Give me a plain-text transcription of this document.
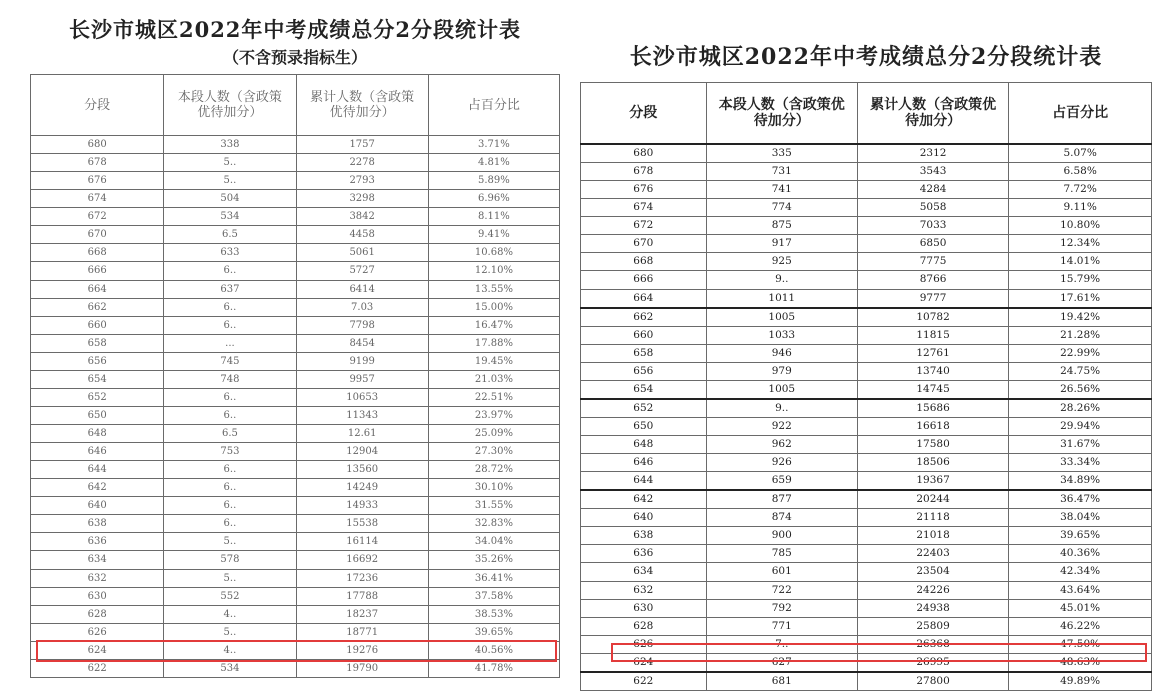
长沙市城区2022年中考成绩总分2分段统计表
（不含预录指标生）
分段	本段人数（含政策优待加分）	累计人数（含政策优待加分）	占百分比
680	338	1757	3.71%
678	5..	2278	4.81%
676	5..	2793	5.89%
674	504	3298	6.96%
672	534	3842	8.11%
670	6.5	4458	9.41%
668	633	5061	10.68%
666	6..	5727	12.10%
664	637	6414	13.55%
662	6..	7.03	15.00%
660	6..	7798	16.47%
658	...	8454	17.88%
656	745	9199	19.45%
654	748	9957	21.03%
652	6..	10653	22.51%
650	6..	11343	23.97%
648	6.5	12.61	25.09%
646	753	12904	27.30%
644	6..	13560	28.72%
642	6..	14249	30.10%
640	6..	14933	31.55%
638	6..	15538	32.83%
636	5..	16114	34.04%
634	578	16692	35.26%
632	5..	17236	36.41%
630	552	17788	37.58%
628	4..	18237	38.53%
626	5..	18771	39.65%
624	4..	19276	40.56%
622	534	19790	41.78%
长沙市城区2022年中考成绩总分2分段统计表
分段	本段人数（含政策优待加分）	累计人数（含政策优待加分）	占百分比
680	335	2312	5.07%
678	731	3543	6.58%
676	741	4284	7.72%
674	774	5058	9.11%
672	875	7033	10.80%
670	917	6850	12.34%
668	925	7775	14.01%
666	9..	8766	15.79%
664	1011	9777	17.61%
662	1005	10782	19.42%
660	1033	11815	21.28%
658	946	12761	22.99%
656	979	13740	24.75%
654	1005	14745	26.56%
652	9..	15686	28.26%
650	922	16618	29.94%
648	962	17580	31.67%
646	926	18506	33.34%
644	659	19367	34.89%
642	877	20244	36.47%
640	874	21118	38.04%
638	900	21018	39.65%
636	785	22403	40.36%
634	601	23504	42.34%
632	722	24226	43.64%
630	792	24938	45.01%
628	771	25809	46.22%
626	7..	26368	47.50%
624	627	26995	48.63%
622	681	27800	49.89%
